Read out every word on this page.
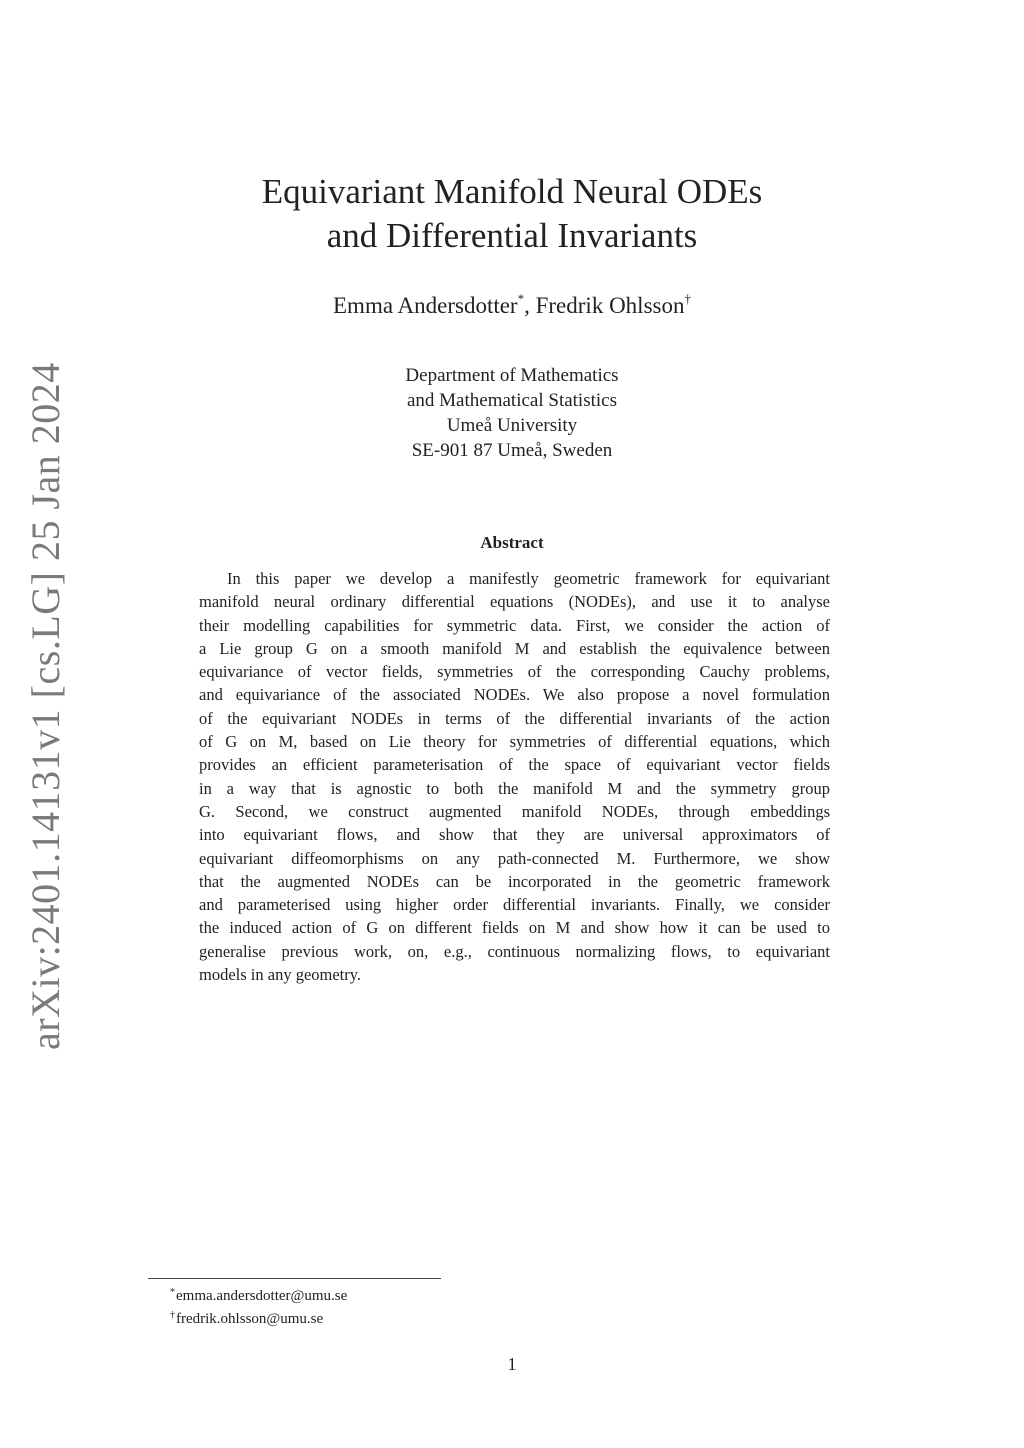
arXiv:2401.14131v1 [cs.LG] 25 Jan 2024
Equivariant Manifold Neural ODEs
and Differential Invariants
Emma Andersdotter*, Fredrik Ohlsson†
Department of Mathematics
and Mathematical Statistics
Umeå University
SE-901 87 Umeå, Sweden
Abstract
In this paper we develop a manifestly geometric framework for equivariant
manifold neural ordinary differential equations (NODEs), and use it to analyse
their modelling capabilities for symmetric data. First, we consider the action of
a Lie group G on a smooth manifold M and establish the equivalence between
equivariance of vector fields, symmetries of the corresponding Cauchy problems,
and equivariance of the associated NODEs. We also propose a novel formulation
of the equivariant NODEs in terms of the differential invariants of the action
of G on M, based on Lie theory for symmetries of differential equations, which
provides an efficient parameterisation of the space of equivariant vector fields
in a way that is agnostic to both the manifold M and the symmetry group
G. Second, we construct augmented manifold NODEs, through embeddings
into equivariant flows, and show that they are universal approximators of
equivariant diffeomorphisms on any path-connected M. Furthermore, we show
that the augmented NODEs can be incorporated in the geometric framework
and parameterised using higher order differential invariants. Finally, we consider
the induced action of G on different fields on M and show how it can be used to
generalise previous work, on, e.g., continuous normalizing flows, to equivariant
models in any geometry.
*emma.andersdotter@umu.se
†fredrik.ohlsson@umu.se
1
